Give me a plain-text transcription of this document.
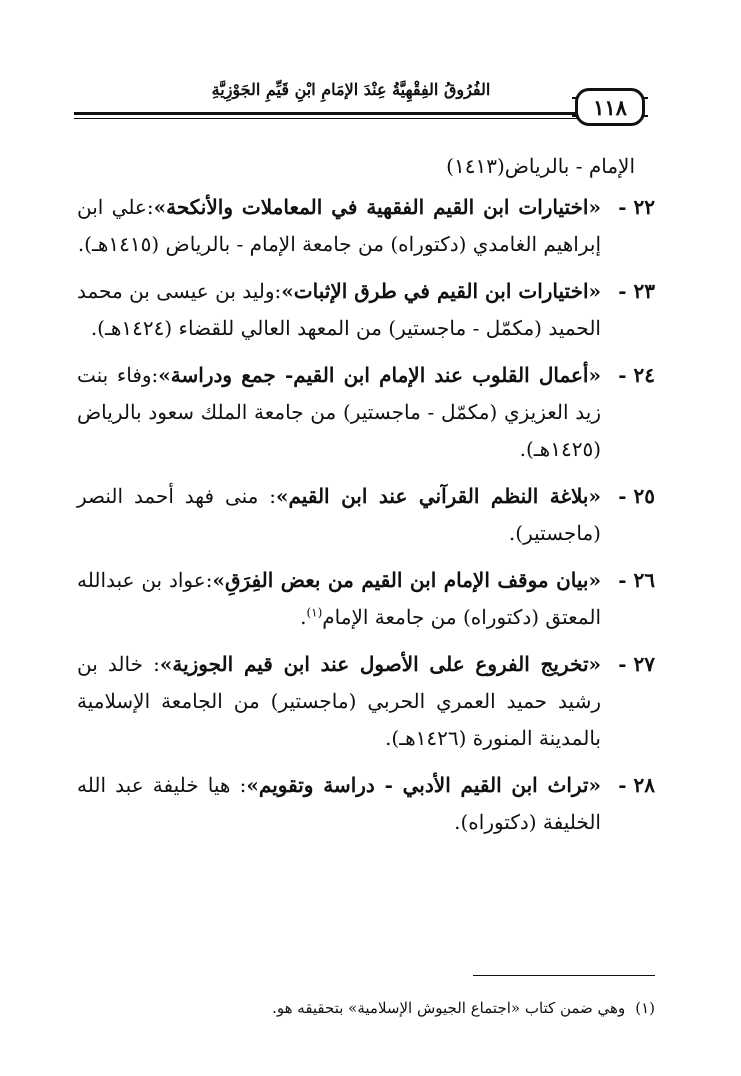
الفُرُوقُ الفِقْهِيَّةُ عِنْدَ الإمَامِ ابْنِ قَيِّمِ الجَوْزِيَّةِ
١١٨
الإمام - بالرياض(١٤١٣)
٢٢ -
«اختيارات ابن القيم الفقهية في المعاملات والأنكحة»:علي ابن إبراهيم الغامدي (دكتوراه) من جامعة الإمام - بالرياض (١٤١٥هـ).
٢٣ -
«اختيارات ابن القيم في طرق الإثبات»:وليد بن عيسى بن محمد الحميد (مكمّل - ماجستير) من المعهد العالي للقضاء (١٤٢٤هـ).
٢٤ -
«أعمال القلوب عند الإمام ابن القيم- جمع ودراسة»:وفاء بنت زيد العزيزي (مكمّل - ماجستير) من جامعة الملك سعود بالرياض (١٤٢٥هـ).
٢٥ -
«بلاغة النظم القرآني عند ابن القيم»: منى فهد أحمد النصر (ماجستير).
٢٦ -
«بيان موقف الإمام ابن القيم من بعض الفِرَقِ»:عواد بن عبدالله المعتق (دكتوراه) من جامعة الإمام$^{(١)}$.
٢٧ -
«تخريج الفروع على الأصول عند ابن قيم الجوزية»: خالد بن رشيد حميد العمري الحربي (ماجستير) من الجامعة الإسلامية بالمدينة المنورة (١٤٢٦هـ).
٢٨ -
«تراث ابن القيم الأدبي - دراسة وتقويم»: هيا خليفة عبد الله الخليفة (دكتوراه).
(١)وهي ضمن كتاب «اجتماع الجيوش الإسلامية» بتحقيقه هو.
